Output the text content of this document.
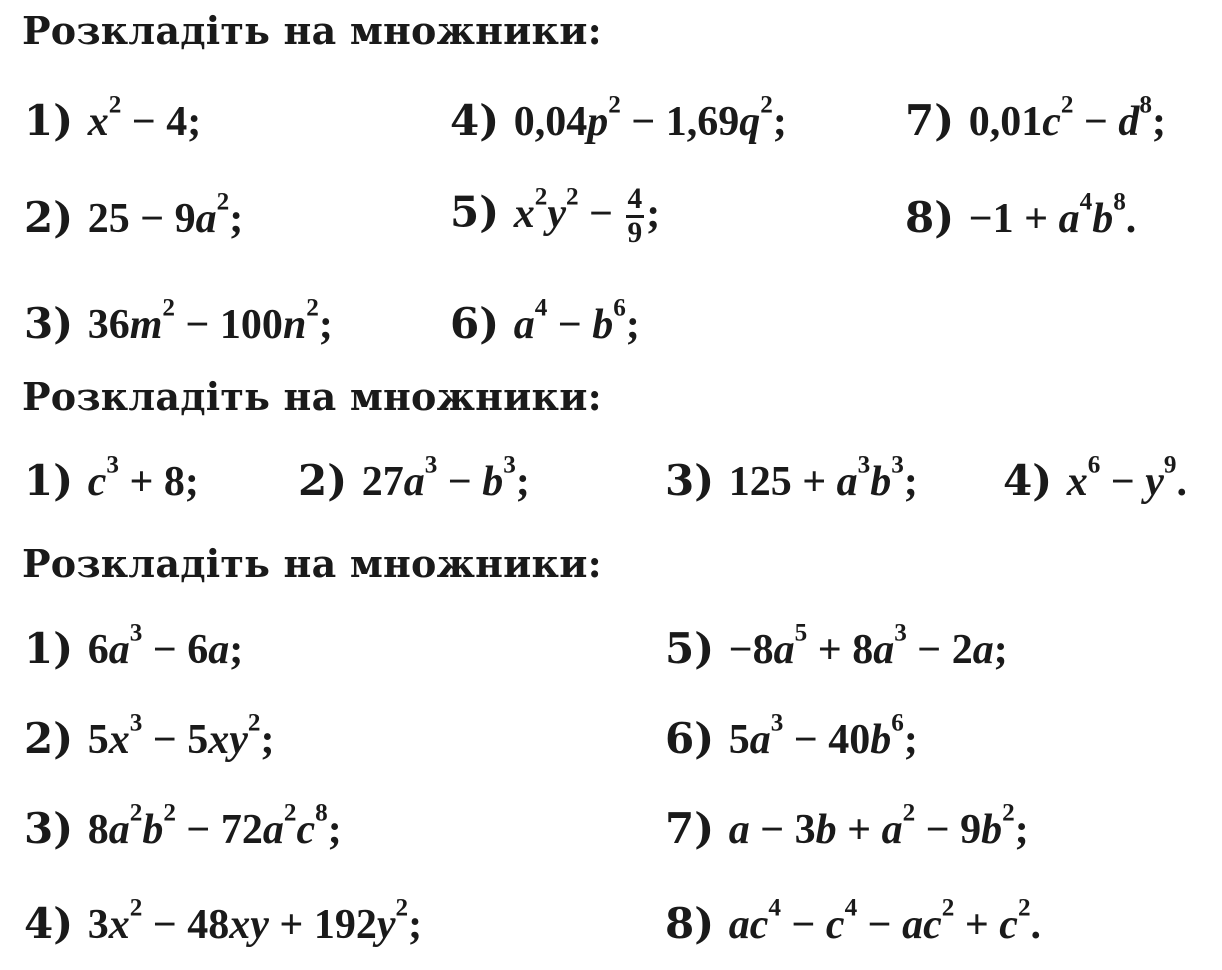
Розкладіть на множники:
1) $x^2 - 4$;	4) $0,04p^2 - 1,69q^2$;	7) $0,01c^2 - d^8$;
2) $25 - 9a^2$;	5) $x^2y^2 - \frac{4}{9}$ ;	$8) -1 + a^4b^8$.
3) $36m^2 - 100n^2$;	6) $a^4 - b^6$;
Розкладіть на множники:
1) $c^3 + 8$; 2) $27a^3 - b^3$;	3) $125 + a^3b^3$; 4) $x^6 - y^9$.
Розкладіть на множники:
1) $6a^3 - 6a$;	$5) -8a^5 + 8a^3 - 2a$;
2) $5x^3 - 5xy^2$;	6) $5a^3 - 40b^6$;
3) $8a^2b^2 - 72a^2c^8$;	7) $a - 3b + a^2 - 9b^2$;
4) $3x^2 - 48xy + 192y^2$;	8) $ac^4 - c^4 - ac^2 + c^2$.
